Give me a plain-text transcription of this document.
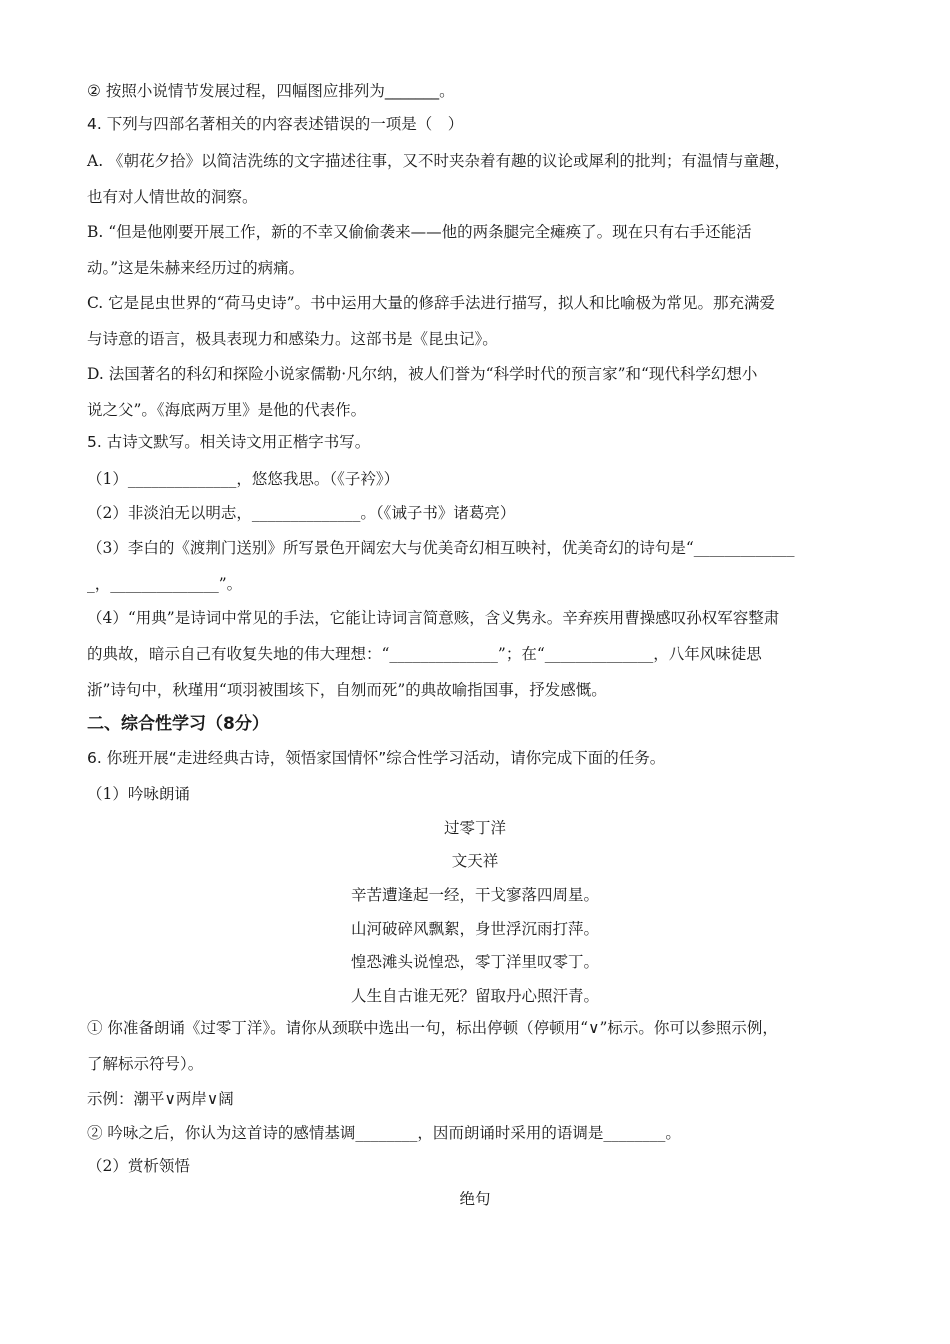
② 按照小说情节发展过程，四幅图应排列为_______。
4. 下列与四部名著相关的内容表述错误的一项是（　）
A. 《朝花夕拾》以简洁洗练的文字描述往事，又不时夹杂着有趣的议论或犀利的批判；有温情与童趣，
也有对人情世故的洞察。
B. “但是他刚要开展工作，新的不幸又偷偷袭来——他的两条腿完全瘫痪了。现在只有右手还能活
动。”这是朱赫来经历过的病痛。
C. 它是昆虫世界的“荷马史诗”。书中运用大量的修辞手法进行描写，拟人和比喻极为常见。那充满爱
与诗意的语言，极具表现力和感染力。这部书是《昆虫记》。
D. 法国著名的科幻和探险小说家儒勒·凡尔纳，被人们誉为“科学时代的预言家”和“现代科学幻想小
说之父”。《海底两万里》是他的代表作。
5. 古诗文默写。相关诗文用正楷字书写。
（1）______________，悠悠我思。（《子衿》）
（2）非淡泊无以明志，______________。（《诫子书》诸葛亮）
（3）李白的《渡荆门送别》所写景色开阔宏大与优美奇幻相互映衬，优美奇幻的诗句是“_____________
_，______________”。
（4）“用典”是诗词中常见的手法，它能让诗词言简意赅，含义隽永。辛弃疾用曹操感叹孙权军容整肃
的典故，暗示自己有收复失地的伟大理想：“______________”；在“______________，八年风味徒思
浙”诗句中，秋瑾用“项羽被围垓下，自刎而死”的典故喻指国事，抒发感慨。
二、综合性学习（8分）
6. 你班开展“走进经典古诗，领悟家国情怀”综合性学习活动，请你完成下面的任务。
（1）吟咏朗诵
过零丁洋
文天祥
辛苦遭逢起一经，干戈寥落四周星。
山河破碎风飘絮，身世浮沉雨打萍。
惶恐滩头说惶恐，零丁洋里叹零丁。
人生自古谁无死？留取丹心照汗青。
① 你准备朗诵《过零丁洋》。请你从颈联中选出一句，标出停顿（停顿用“∨”标示。你可以参照示例，
了解标示符号）。
示例：潮平∨两岸∨阔
② 吟咏之后，你认为这首诗的感情基调________，因而朗诵时采用的语调是________。
（2）赏析领悟
绝句
